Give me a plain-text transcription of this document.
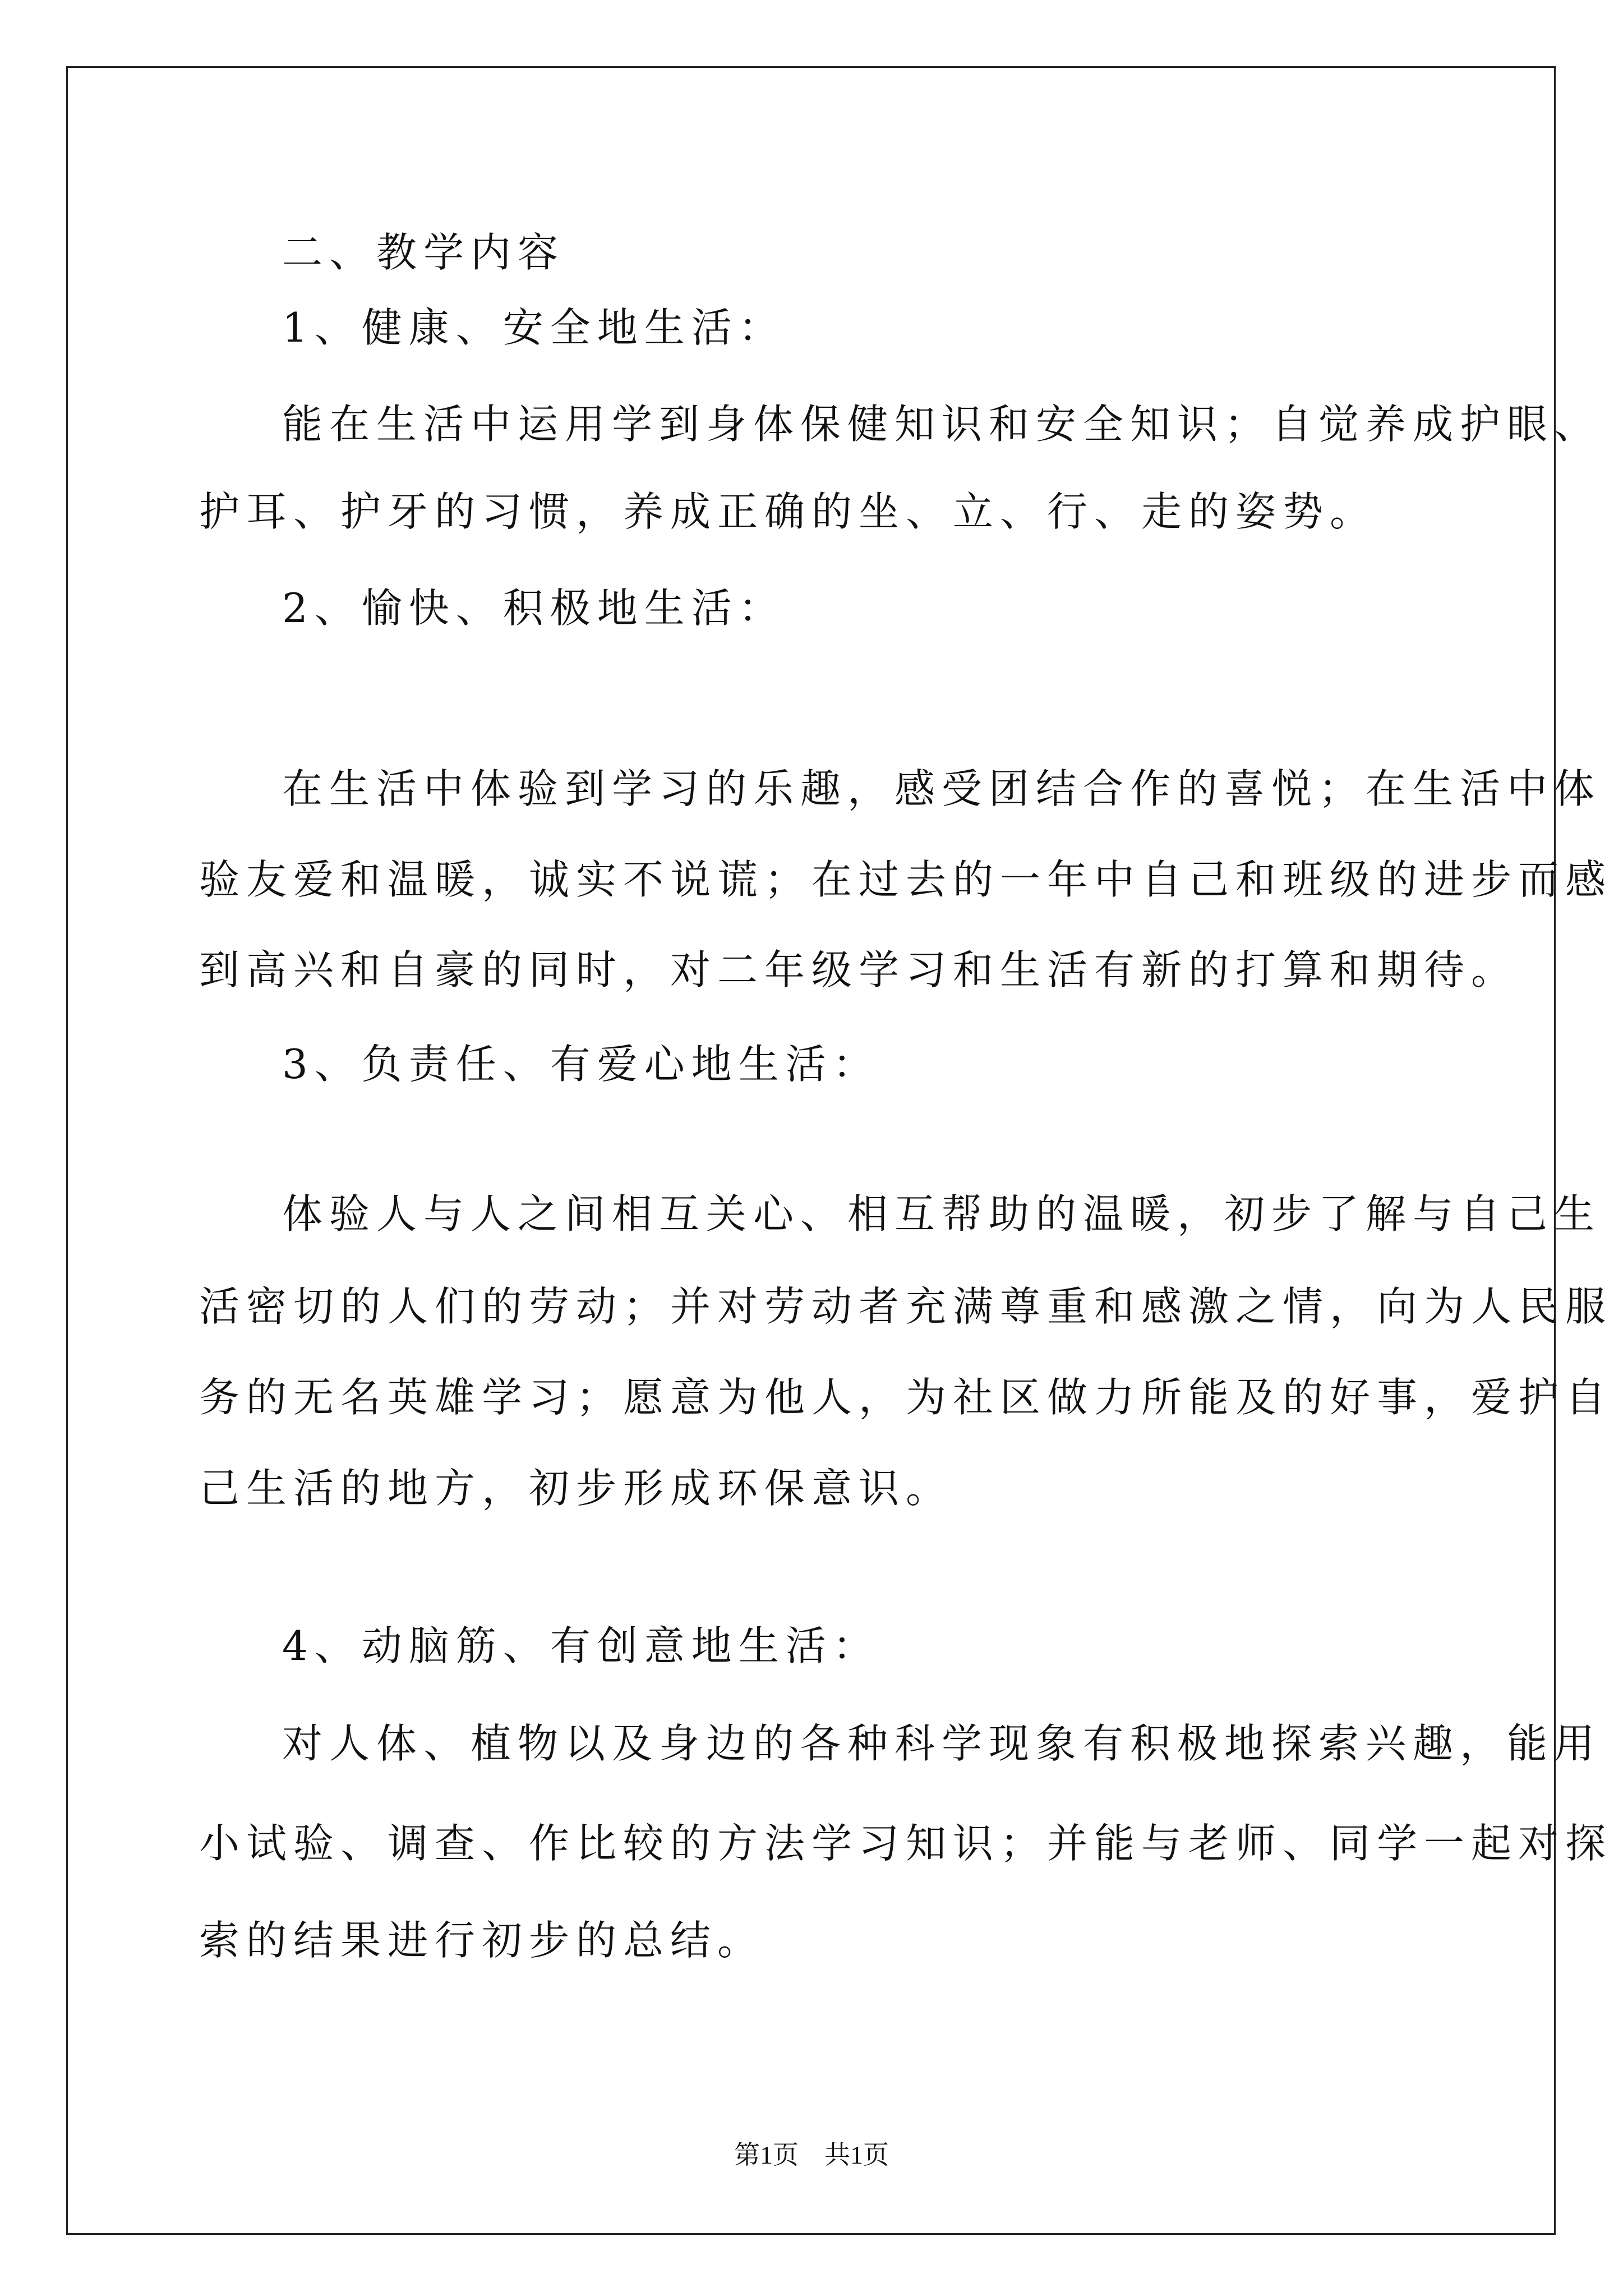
二、教学内容
1、健康、安全地生活：
能在生活中运用学到身体保健知识和安全知识；自觉养成护眼、
护耳、护牙的习惯，养成正确的坐、立、行、走的姿势。
2、愉快、积极地生活：
在生活中体验到学习的乐趣，感受团结合作的喜悦；在生活中体
验友爱和温暖，诚实不说谎；在过去的一年中自己和班级的进步而感
到高兴和自豪的同时，对二年级学习和生活有新的打算和期待。
3、负责任、有爱心地生活：
体验人与人之间相互关心、相互帮助的温暖，初步了解与自己生
活密切的人们的劳动；并对劳动者充满尊重和感激之情，向为人民服
务的无名英雄学习；愿意为他人，为社区做力所能及的好事，爱护自
己生活的地方，初步形成环保意识。
4、动脑筋、有创意地生活：
对人体、植物以及身边的各种科学现象有积极地探索兴趣，能用
小试验、调查、作比较的方法学习知识；并能与老师、同学一起对探
索的结果进行初步的总结。
第1页　共1页
